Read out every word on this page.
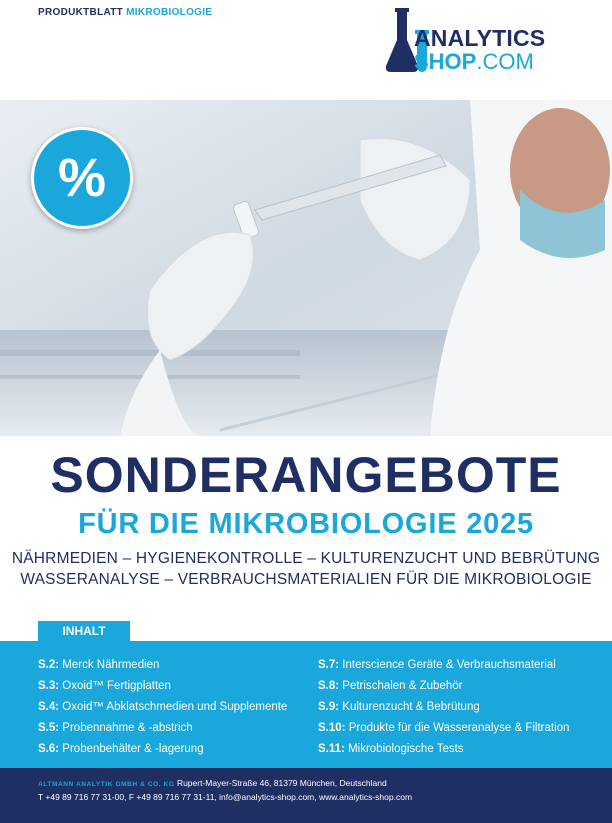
PRODUKTBLATT MIKROBIOLOGIE
ANALYTICS
SHOP.COM
%
SONDERANGEBOTE
FÜR DIE MIKROBIOLOGIE 2025
NÄHRMEDIEN – HYGIENEKONTROLLE – KULTURENZUCHT UND BEBRÜTUNG
WASSERANALYSE – VERBRAUCHSMATERIALIEN FÜR DIE MIKROBIOLOGIE
INHALT
S.2: Merck Nährmedien
S.3: Oxoid™ Fertigplatten
S.4: Oxoid™ Abklatschmedien und Supplemente
S.5: Probennahme & -abstrich
S.6: Probenbehälter & -lagerung
S.7: Interscience Geräte & Verbrauchsmaterial
S.8: Petrischalen & Zubehör
S.9: Kulturenzucht & Bebrütung
S.10: Produkte für die Wasseranalyse & Filtration
S.11: Mikrobiologische Tests
ALTMANN ANALYTIK GMBH & CO. KG Rupert-Mayer-Straße 46, 81379 München, Deutschland
T +49 89 716 77 31-00, F +49 89 716 77 31-11, info@analytics-shop.com, www.analytics-shop.com
